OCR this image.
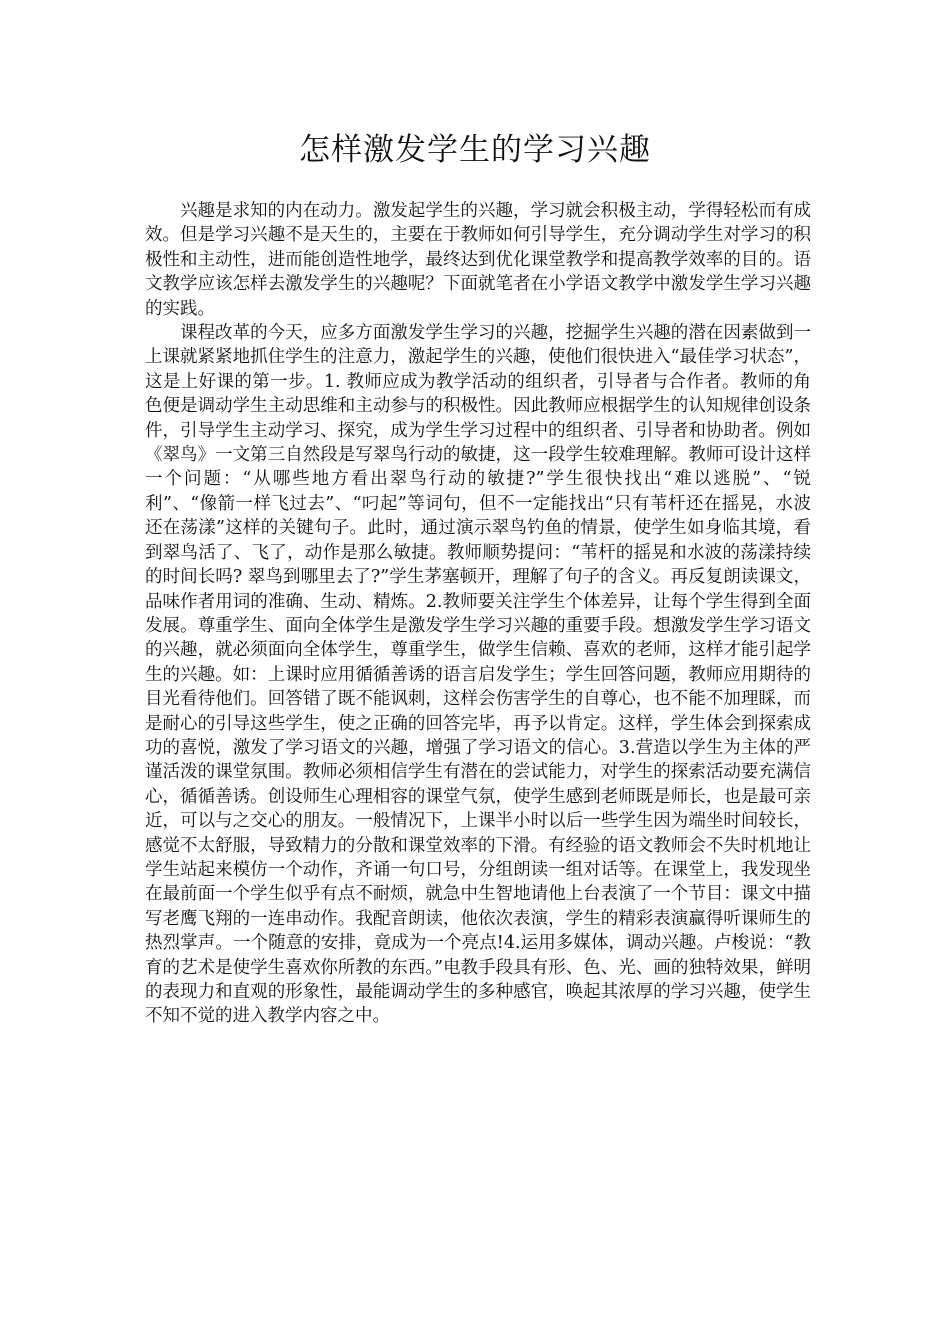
怎样激发学生的学习兴趣

兴趣是求知的内在动力。激发起学生的兴趣，学习就会积极主动，学得轻松而有成效。但是学习兴趣不是天生的，主要在于教师如何引导学生，充分调动学生对学习的积极性和主动性，进而能创造性地学，最终达到优化课堂教学和提高教学效率的目的。语文教学应该怎样去激发学生的兴趣呢？下面就笔者在小学语文教学中激发学生学习兴趣的实践。

课程改革的今天，应多方面激发学生学习的兴趣，挖掘学生兴趣的潜在因素做到一上课就紧紧地抓住学生的注意力，激起学生的兴趣，使他们很快进入“最佳学习状态”，这是上好课的第一步。1. 教师应成为教学活动的组织者，引导者与合作者。教师的角色便是调动学生主动思维和主动参与的积极性。因此教师应根据学生的认知规律创设条件，引导学生主动学习、探究，成为学生学习过程中的组织者、引导者和协助者。例如《翠鸟》一文第三自然段是写翠鸟行动的敏捷，这一段学生较难理解。教师可设计这样一个问题：“从哪些地方看出翠鸟行动的敏捷?”学生很快找出“难以逃脱”、“锐利”、“像箭一样飞过去”、“叼起”等词句，但不一定能找出“只有苇杆还在摇晃，水波还在荡漾”这样的关键句子。此时，通过演示翠鸟钓鱼的情景，使学生如身临其境，看到翠鸟活了、飞了，动作是那么敏捷。教师顺势提问：“苇杆的摇晃和水波的荡漾持续的时间长吗? 翠鸟到哪里去了?”学生茅塞顿开，理解了句子的含义。再反复朗读课文，品味作者用词的准确、生动、精炼。2.教师要关注学生个体差异，让每个学生得到全面发展。尊重学生、面向全体学生是激发学生学习兴趣的重要手段。想激发学生学习语文的兴趣，就必须面向全体学生，尊重学生，做学生信赖、喜欢的老师，这样才能引起学生的兴趣。如：上课时应用循循善诱的语言启发学生；学生回答问题，教师应用期待的目光看待他们。回答错了既不能讽刺，这样会伤害学生的自尊心，也不能不加理睬，而是耐心的引导这些学生，使之正确的回答完毕，再予以肯定。这样，学生体会到探索成功的喜悦，激发了学习语文的兴趣，增强了学习语文的信心。3.营造以学生为主体的严谨活泼的课堂氛围。教师必须相信学生有潜在的尝试能力，对学生的探索活动要充满信心，循循善诱。创设师生心理相容的课堂气氛，使学生感到老师既是师长，也是最可亲近，可以与之交心的朋友。一般情况下，上课半小时以后一些学生因为端坐时间较长，感觉不太舒服，导致精力的分散和课堂效率的下滑。有经验的语文教师会不失时机地让学生站起来模仿一个动作，齐诵一句口号，分组朗读一组对话等。在课堂上，我发现坐在最前面一个学生似乎有点不耐烦，就急中生智地请他上台表演了一个节目：课文中描写老鹰飞翔的一连串动作。我配音朗读，他依次表演，学生的精彩表演赢得听课师生的热烈掌声。一个随意的安排，竟成为一个亮点!4.运用多媒体，调动兴趣。卢梭说：“教育的艺术是使学生喜欢你所教的东西。”电教手段具有形、色、光、画的独特效果，鲜明的表现力和直观的形象性，最能调动学生的多种感官，唤起其浓厚的学习兴趣，使学生不知不觉的进入教学内容之中。
